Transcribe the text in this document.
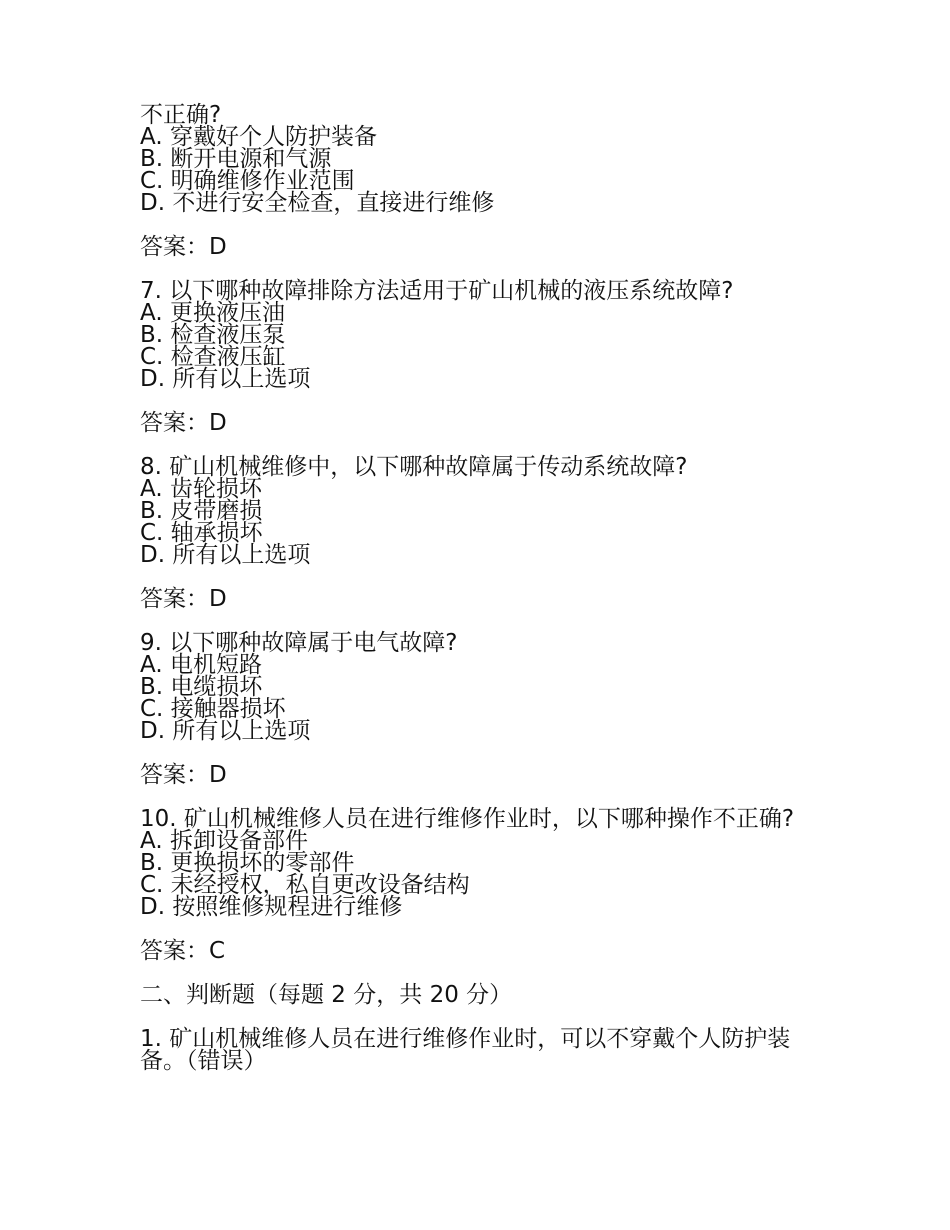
不正确?
A. 穿戴好个人防护装备
B. 断开电源和气源
C. 明确维修作业范围
D. 不进行安全检查，直接进行维修
答案：D
7. 以下哪种故障排除方法适用于矿山机械的液压系统故障?
A. 更换液压油
B. 检查液压泵
C. 检查液压缸
D. 所有以上选项
答案：D
8. 矿山机械维修中，以下哪种故障属于传动系统故障?
A. 齿轮损坏
B. 皮带磨损
C. 轴承损坏
D. 所有以上选项
答案：D
9. 以下哪种故障属于电气故障?
A. 电机短路
B. 电缆损坏
C. 接触器损坏
D. 所有以上选项
答案：D
10. 矿山机械维修人员在进行维修作业时，以下哪种操作不正确?
A. 拆卸设备部件
B. 更换损坏的零部件
C. 未经授权，私自更改设备结构
D. 按照维修规程进行维修
答案：C
二、判断题（每题 2 分，共 20 分）
1. 矿山机械维修人员在进行维修作业时，可以不穿戴个人防护装备。（错误）
